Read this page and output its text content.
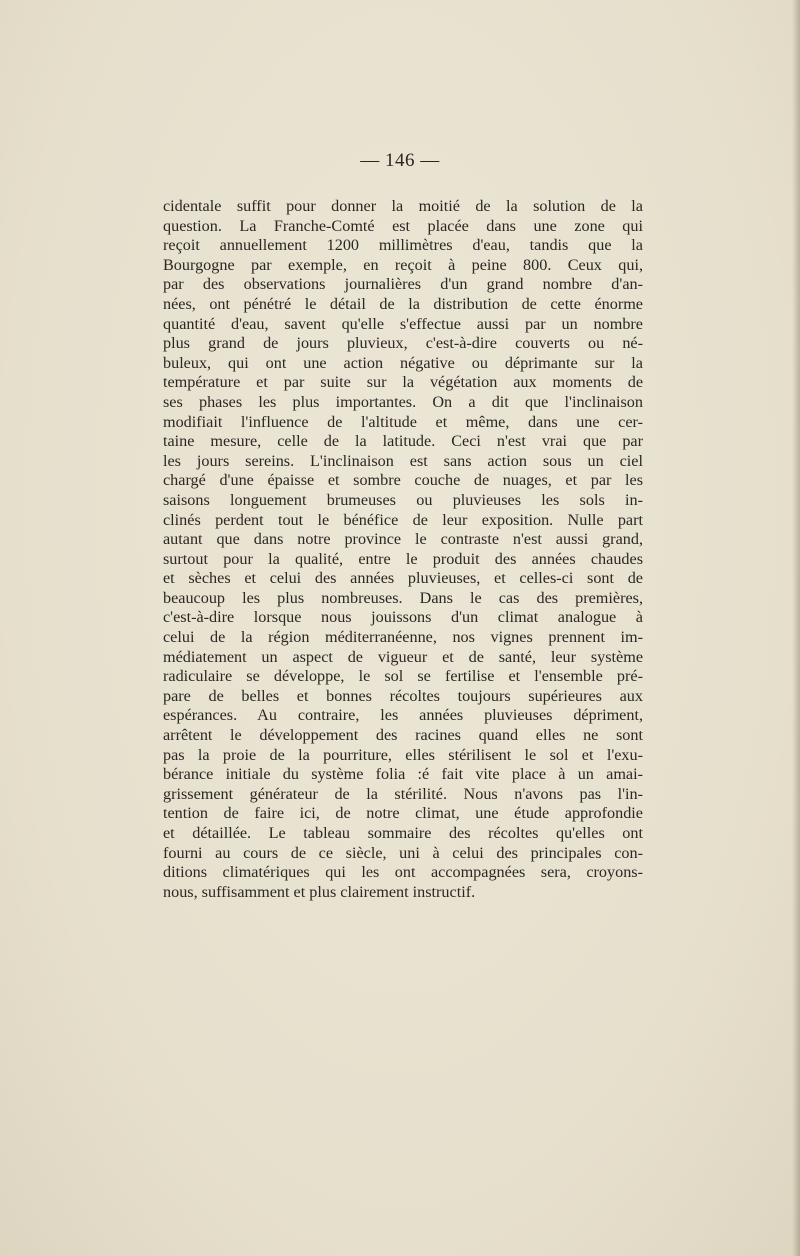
— 146 —
cidentale suffit pour donner la moitié de la solution de la
question. La Franche-Comté est placée dans une zone qui
reçoit annuellement 1200 millimètres d'eau, tandis que la
Bourgogne par exemple, en reçoit à peine 800. Ceux qui,
par des observations journalières d'un grand nombre d'an-
nées, ont pénétré le détail de la distribution de cette énorme
quantité d'eau, savent qu'elle s'effectue aussi par un nombre
plus grand de jours pluvieux, c'est-à-dire couverts ou né-
buleux, qui ont une action négative ou déprimante sur la
température et par suite sur la végétation aux moments de
ses phases les plus importantes. On a dit que l'inclinaison
modifiait l'influence de l'altitude et même, dans une cer-
taine mesure, celle de la latitude. Ceci n'est vrai que par
les jours sereins. L'inclinaison est sans action sous un ciel
chargé d'une épaisse et sombre couche de nuages, et par les
saisons longuement brumeuses ou pluvieuses les sols in-
clinés perdent tout le bénéfice de leur exposition. Nulle part
autant que dans notre province le contraste n'est aussi grand,
surtout pour la qualité, entre le produit des années chaudes
et sèches et celui des années pluvieuses, et celles-ci sont de
beaucoup les plus nombreuses. Dans le cas des premières,
c'est-à-dire lorsque nous jouissons d'un climat analogue à
celui de la région méditerranéenne, nos vignes prennent im-
médiatement un aspect de vigueur et de santé, leur système
radiculaire se développe, le sol se fertilise et l'ensemble pré-
pare de belles et bonnes récoltes toujours supérieures aux
espérances. Au contraire, les années pluvieuses dépriment,
arrêtent le développement des racines quand elles ne sont
pas la proie de la pourriture, elles stérilisent le sol et l'exu-
bérance initiale du système folia :é fait vite place à un amai-
grissement générateur de la stérilité. Nous n'avons pas l'in-
tention de faire ici, de notre climat, une étude approfondie
et détaillée. Le tableau sommaire des récoltes qu'elles ont
fourni au cours de ce siècle, uni à celui des principales con-
ditions climatériques qui les ont accompagnées sera, croyons-
nous, suffisamment et plus clairement instructif.
